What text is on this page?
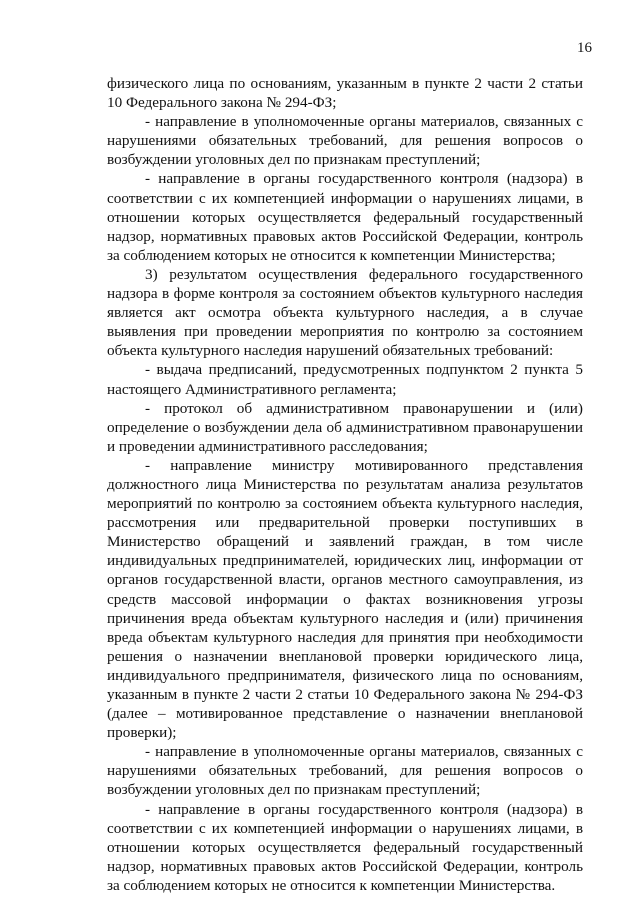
16

физического лица по основаниям, указанным в пункте 2 части 2 статьи 10 Федерального закона № 294-ФЗ;

- направление в уполномоченные органы материалов, связанных с нарушениями обязательных требований, для решения вопросов о возбуждении уголовных дел по признакам преступлений;

- направление в органы государственного контроля (надзора) в соответствии с их компетенцией информации о нарушениях лицами, в отношении которых осуществляется федеральный государственный надзор, нормативных правовых актов Российской Федерации, контроль за соблюдением которых не относится к компетенции Министерства;

3) результатом осуществления федерального государственного надзора в форме контроля за состоянием объектов культурного наследия является акт осмотра объекта культурного наследия, а в случае выявления при проведении мероприятия по контролю за состоянием объекта культурного наследия нарушений обязательных требований:

- выдача предписаний, предусмотренных подпунктом 2 пункта 5 настоящего Административного регламента;

- протокол об административном правонарушении и (или) определение о возбуждении дела об административном правонарушении и проведении административного расследования;

- направление министру мотивированного представления должностного лица Министерства по результатам анализа результатов мероприятий по контролю за состоянием объекта культурного наследия, рассмотрения или предварительной проверки поступивших в Министерство обращений и заявлений граждан, в том числе индивидуальных предпринимателей, юридических лиц, информации от органов государственной власти, органов местного самоуправления, из средств массовой информации о фактах возникновения угрозы причинения вреда объектам культурного наследия и (или) причинения вреда объектам культурного наследия для принятия при необходимости решения о назначении внеплановой проверки юридического лица, индивидуального предпринимателя, физического лица по основаниям, указанным в пункте 2 части 2 статьи 10 Федерального закона № 294-ФЗ (далее – мотивированное представление о назначении внеплановой проверки);

- направление в уполномоченные органы материалов, связанных с нарушениями обязательных требований, для решения вопросов о возбуждении уголовных дел по признакам преступлений;

- направление в органы государственного контроля (надзора) в соответствии с их компетенцией информации о нарушениях лицами, в отношении которых осуществляется федеральный государственный надзор, нормативных правовых актов Российской Федерации, контроль за соблюдением которых не относится к компетенции Министерства.
